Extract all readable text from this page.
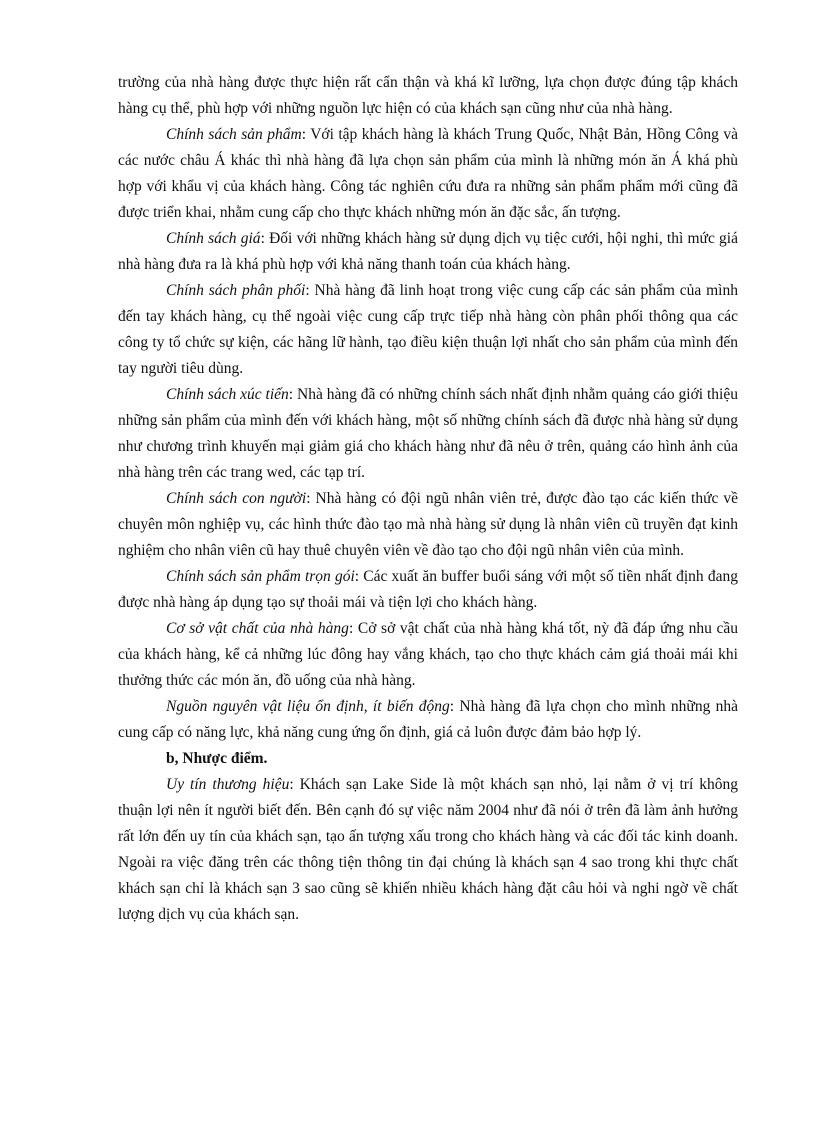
trường của nhà hàng được thực hiện rất cẩn thận và khá kĩ lưỡng, lựa chọn được đúng tập khách hàng cụ thể, phù hợp với những nguồn lực hiện có của khách sạn cũng như của nhà hàng.

Chính sách sản phẩm: Với tập khách hàng là khách Trung Quốc, Nhật Bản, Hồng Công và các nước châu Á khác thì nhà hàng đã lựa chọn sản phẩm của mình là những món ăn Á khá phù hợp với khẩu vị của khách hàng. Công tác nghiên cứu đưa ra những sản phẩm phẩm mới cũng đã được triển khai, nhằm cung cấp cho thực khách những món ăn đặc sắc, ấn tượng.

Chính sách giá: Đối với những khách hàng sử dụng dịch vụ tiệc cưới, hội nghi, thì mức giá nhà hàng đưa ra là khá phù hợp với khả năng thanh toán của khách hàng.

Chính sách phân phối: Nhà hàng đã linh hoạt trong việc cung cấp các sản phẩm của mình đến tay khách hàng, cụ thể ngoài việc cung cấp trực tiếp nhà hàng còn phân phối thông qua các công ty tổ chức sự kiện, các hãng lữ hành, tạo điều kiện thuận lợi nhất cho sản phẩm của mình đến tay người tiêu dùng.

Chính sách xúc tiến: Nhà hàng đã có những chính sách nhất định nhằm quảng cáo giới thiệu những sản phẩm của mình đến với khách hàng, một số những chính sách đã được nhà hàng sử dụng như chương trình khuyến mại giảm giá cho khách hàng như đã nêu ở trên, quảng cáo hình ảnh của nhà hàng trên các trang wed, các tạp trí.

Chính sách con người: Nhà hàng có đội ngũ nhân viên trẻ, được đào tạo các kiến thức về chuyên môn nghiệp vụ, các hình thức đào tạo mà nhà hàng sử dụng là nhân viên cũ truyền đạt kinh nghiệm cho nhân viên cũ hay thuê chuyên viên về đào tạo cho đội ngũ nhân viên của mình.

Chính sách sản phẩm trọn gói: Các xuất ăn buffer buổi sáng với một số tiền nhất định đang được nhà hàng áp dụng tạo sự thoải mái và tiện lợi cho khách hàng.

Cơ sở vật chất của nhà hàng: Cở sở vật chất của nhà hàng khá tốt, nỳ đã đáp ứng nhu cầu của khách hàng, kể cả những lúc đông hay vắng khách, tạo cho thực khách cảm giá thoải mái khi thưởng thức các món ăn, đồ uống của nhà hàng.

Nguồn nguyên vật liệu ổn định, ít biến động: Nhà hàng đã lựa chọn cho mình những nhà cung cấp có năng lực, khả năng cung ứng ổn định, giá cả luôn được đảm bảo hợp lý.

b, Nhược điểm.

Uy tín thương hiệu: Khách sạn Lake Side là một khách sạn nhỏ, lại nằm ở vị trí không thuận lợi nên ít người biết đến. Bên cạnh đó sự việc năm 2004 như đã nói ở trên đã làm ảnh hưởng rất lớn đến uy tín của khách sạn, tạo ấn tượng xấu trong cho khách hàng và các đối tác kinh doanh. Ngoài ra việc đăng trên các thông tiện thông tin đại chúng là khách sạn 4 sao trong khi thực chất khách sạn chỉ là khách sạn 3 sao cũng sẽ khiến nhiều khách hàng đặt câu hỏi và nghi ngờ về chất lượng dịch vụ của khách sạn.
